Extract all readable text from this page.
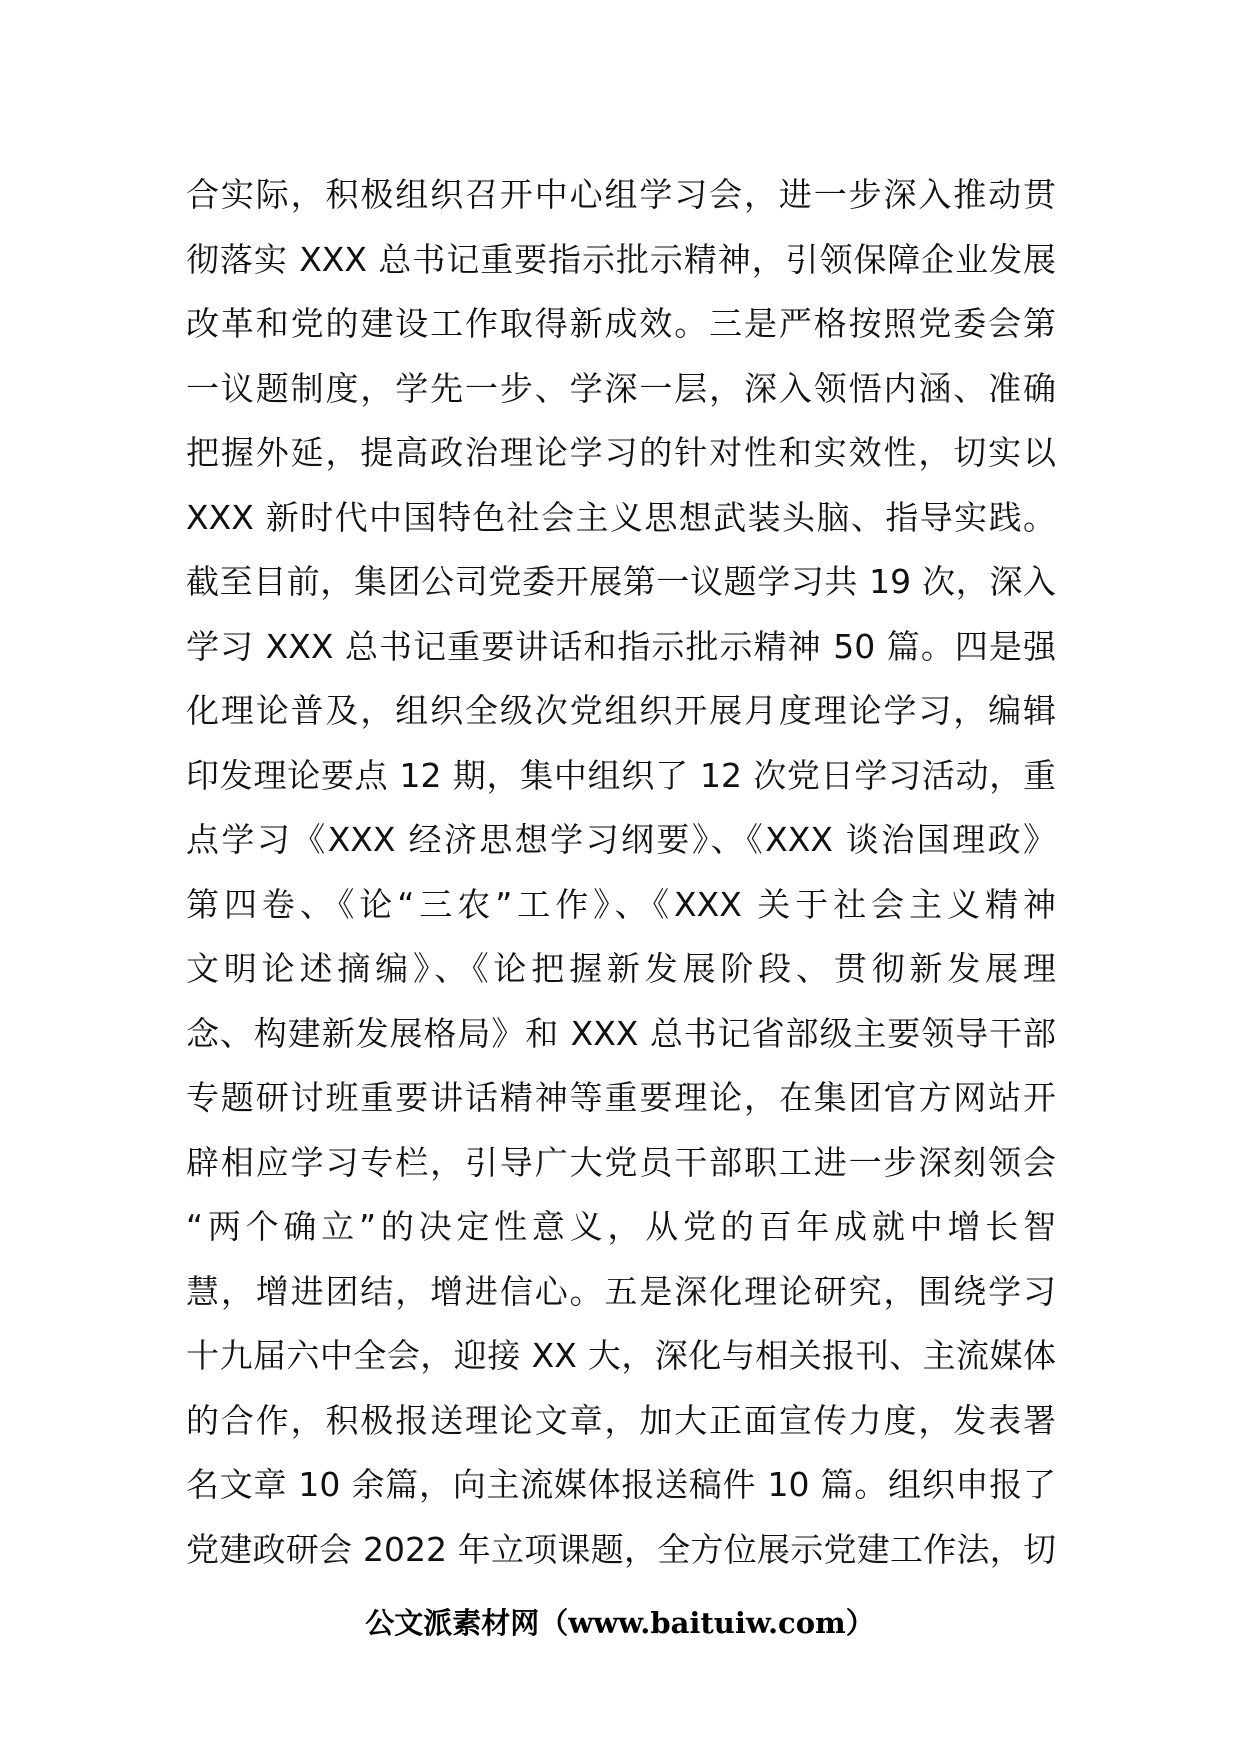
合实际，积极组织召开中心组学习会，进一步深入推动贯
彻落实 XXX 总书记重要指示批示精神，引领保障企业发展
改革和党的建设工作取得新成效。三是严格按照党委会第
一议题制度，学先一步、学深一层，深入领悟内涵、准确
把握外延，提高政治理论学习的针对性和实效性，切实以
XXX 新时代中国特色社会主义思想武装头脑、指导实践。
截至目前，集团公司党委开展第一议题学习共 19 次，深入
学习 XXX 总书记重要讲话和指示批示精神 50 篇。四是强
化理论普及，组织全级次党组织开展月度理论学习，编辑
印发理论要点 12 期，集中组织了 12 次党日学习活动，重
点学习《XXX 经济思想学习纲要》、《XXX 谈治国理政》
第四卷、《论“三农”工作》、《XXX 关于社会主义精神
文明论述摘编》、《论把握新发展阶段、贯彻新发展理
念、构建新发展格局》和 XXX 总书记省部级主要领导干部
专题研讨班重要讲话精神等重要理论，在集团官方网站开
辟相应学习专栏，引导广大党员干部职工进一步深刻领会
“两个确立”的决定性意义，从党的百年成就中增长智
慧，增进团结，增进信心。五是深化理论研究，围绕学习
十九届六中全会，迎接 XX 大，深化与相关报刊、主流媒体
的合作，积极报送理论文章，加大正面宣传力度，发表署
名文章 10 余篇，向主流媒体报送稿件 10 篇。组织申报了
党建政研会 2022 年立项课题，全方位展示党建工作法，切
公文派素材网（www.baituiw.com）
